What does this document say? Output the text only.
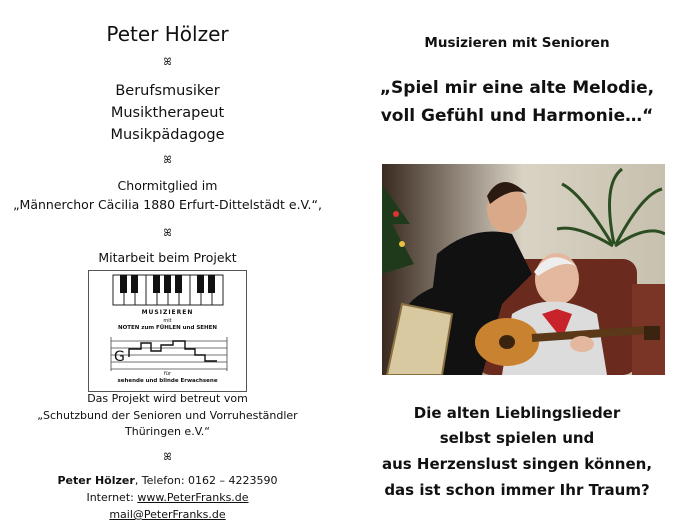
Peter Hölzer
ꕤ
Berufsmusiker
Musiktherapeut
Musikpädagoge
ꕤ
Chormitglied im
„Männerchor Cäcilia 1880 Erfurt-Dittelstädt e.V.“,
ꕤ
Mitarbeit beim Projekt
MUSIZIEREN
mit
NOTEN zum FÜHLEN und SEHEN
G
für
sehende und blinde Erwachsene
Das Projekt wird betreut vom
„Schutzbund der Senioren und Vorruheständler
Thüringen e.V.“
ꕤ
Peter Hölzer, Telefon: 0162 – 4223590
Internet: www.PeterFranks.de
mail@PeterFranks.de
Musizieren mit Senioren
„Spiel mir eine alte Melodie,
voll Gefühl und Harmonie…“
Die alten Lieblingslieder
selbst spielen und
aus Herzenslust singen können,
das ist schon immer Ihr Traum?
